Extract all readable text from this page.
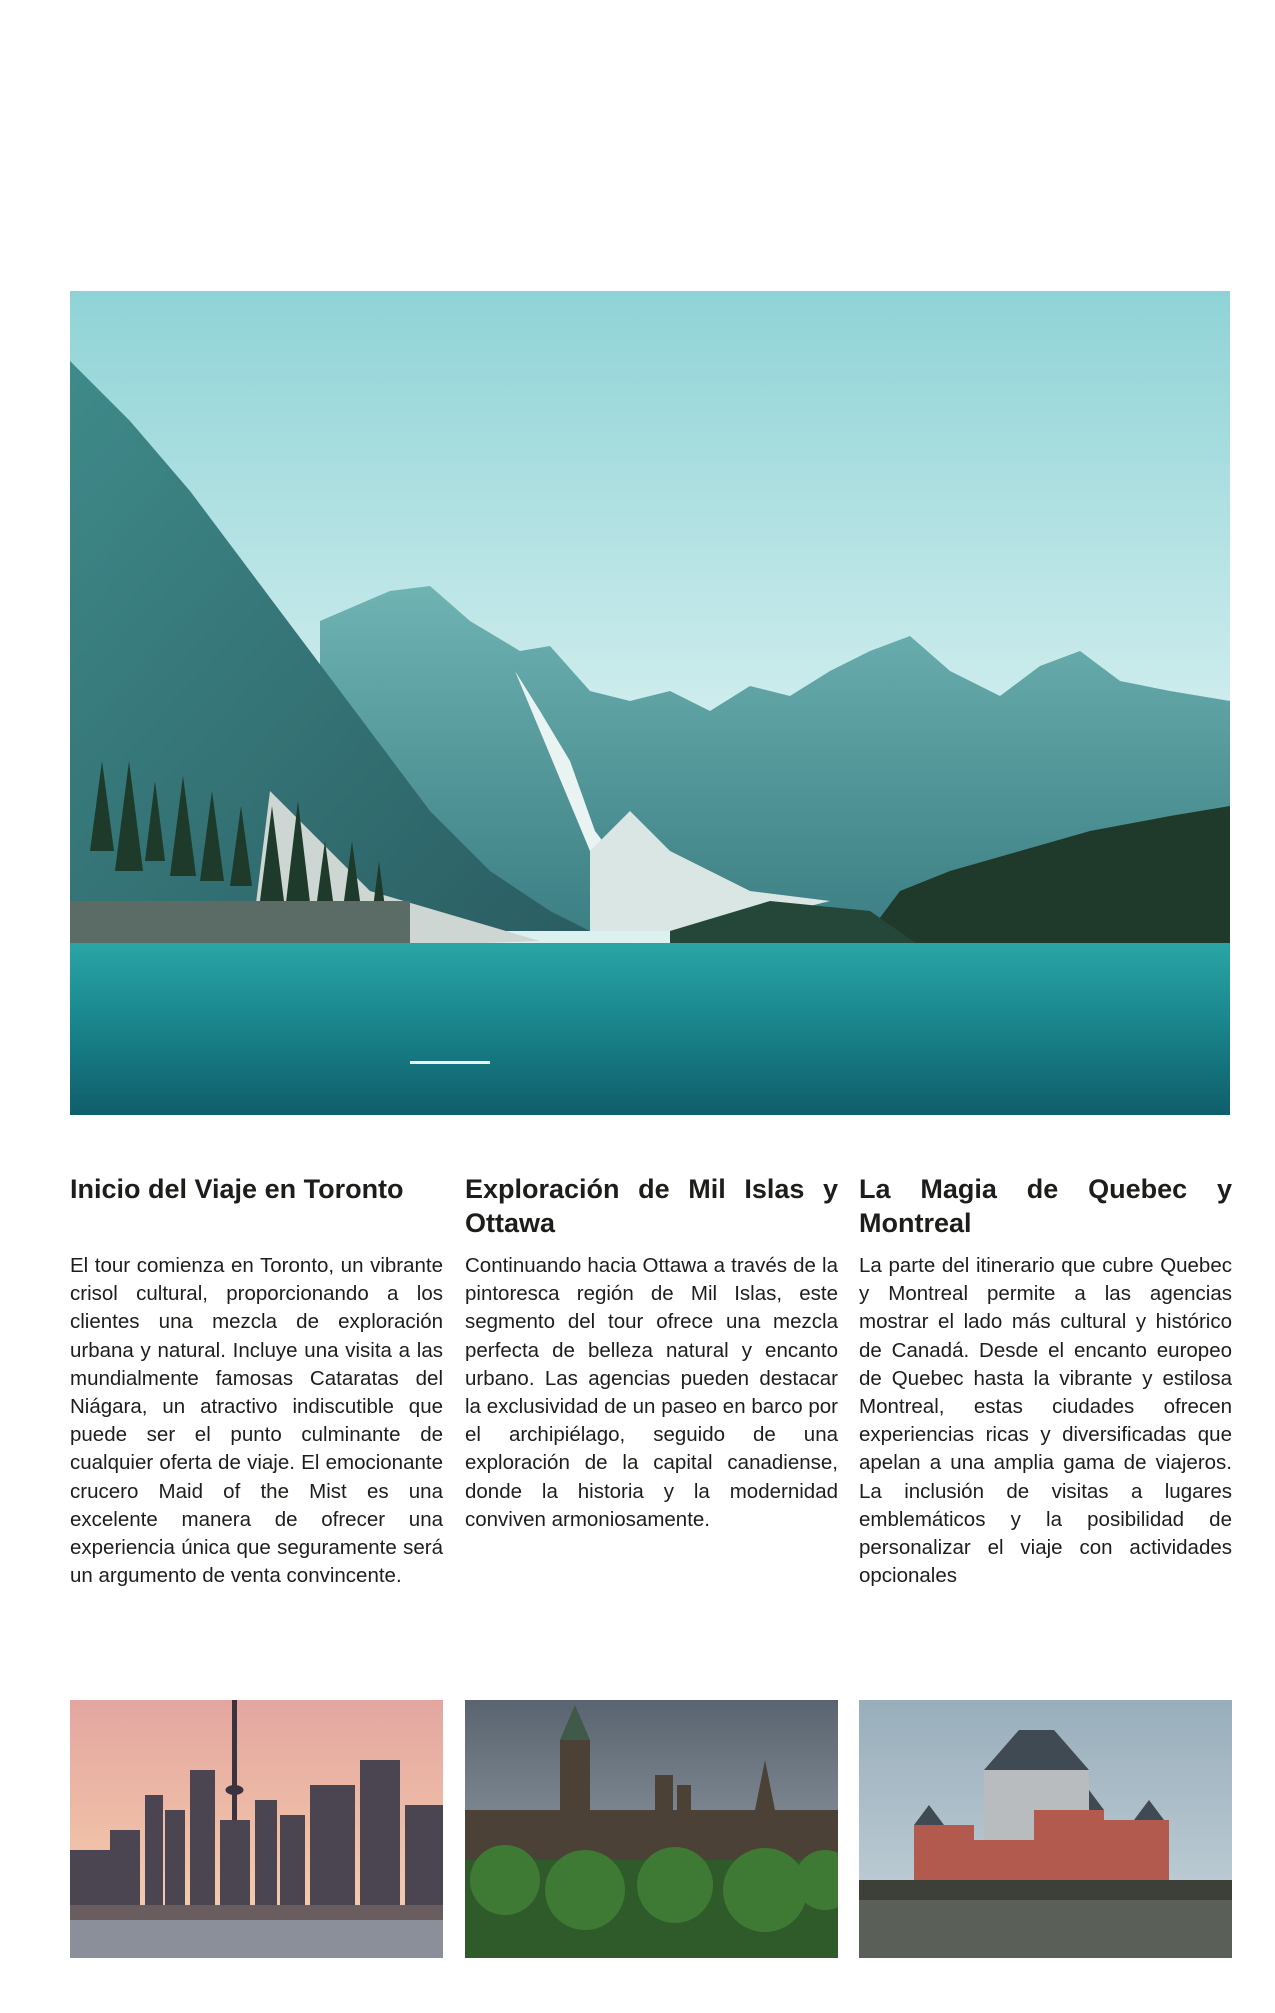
Inicio del Viaje en Toronto

El tour comienza en Toronto, un vibrante crisol cultural, proporcionando a los clientes una mezcla de exploración urbana y natural. Incluye una visita a las mundialmente famosas Cataratas del Niágara, un atractivo indiscutible que puede ser el punto culminante de cualquier oferta de viaje. El emocionante crucero Maid of the Mist es una excelente manera de ofrecer una experiencia única que seguramente será un argumento de venta convincente.

Exploración de Mil Islas y Ottawa

Continuando hacia Ottawa a través de la pintoresca región de Mil Islas, este segmento del tour ofrece una mezcla perfecta de belleza natural y encanto urbano. Las agencias pueden destacar la exclusividad de un paseo en barco por el archipiélago, seguido de una exploración de la capital canadiense, donde la historia y la modernidad conviven armoniosamente.

La Magia de Quebec y Montreal

La parte del itinerario que cubre Quebec y Montreal permite a las agencias mostrar el lado más cultural y histórico de Canadá. Desde el encanto europeo de Quebec hasta la vibrante y estilosa Montreal, estas ciudades ofrecen experiencias ricas y diversificadas que apelan a una amplia gama de viajeros. La inclusión de visitas a lugares emblemáticos y la posibilidad de personalizar el viaje con actividades opcionales
